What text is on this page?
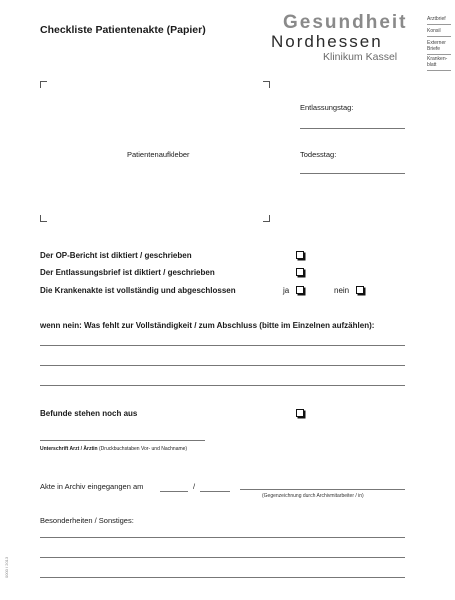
Checkliste Patientenakte (Papier)	Gesundheit
Nordhessen
Klinikum Kassel
Arztbrief
Konsil
Externer Briefe
Kranken-blatt
Patientenaufkleber
Entlassungstag:
Todesstag:
Der OP-Bericht ist diktiert / geschrieben
Der Entlassungsbrief ist diktiert / geschrieben
Die Krankenakte ist vollständig und abgeschlossen	ja	nein
wenn nein: Was fehlt zur Vollständigkeit / zum Abschluss (bitte im Einzelnen aufzählen):
Befunde stehen noch aus
Unterschrift Arzt / Ärztin (Druckbuchstaben Vor- und Nachname)
Akte in Archiv eingegangen am	/
(Gegenzeichnung durch Archivmitarbeiter / in)
Besonderheiten / Sonstiges:
0000 / 2013
